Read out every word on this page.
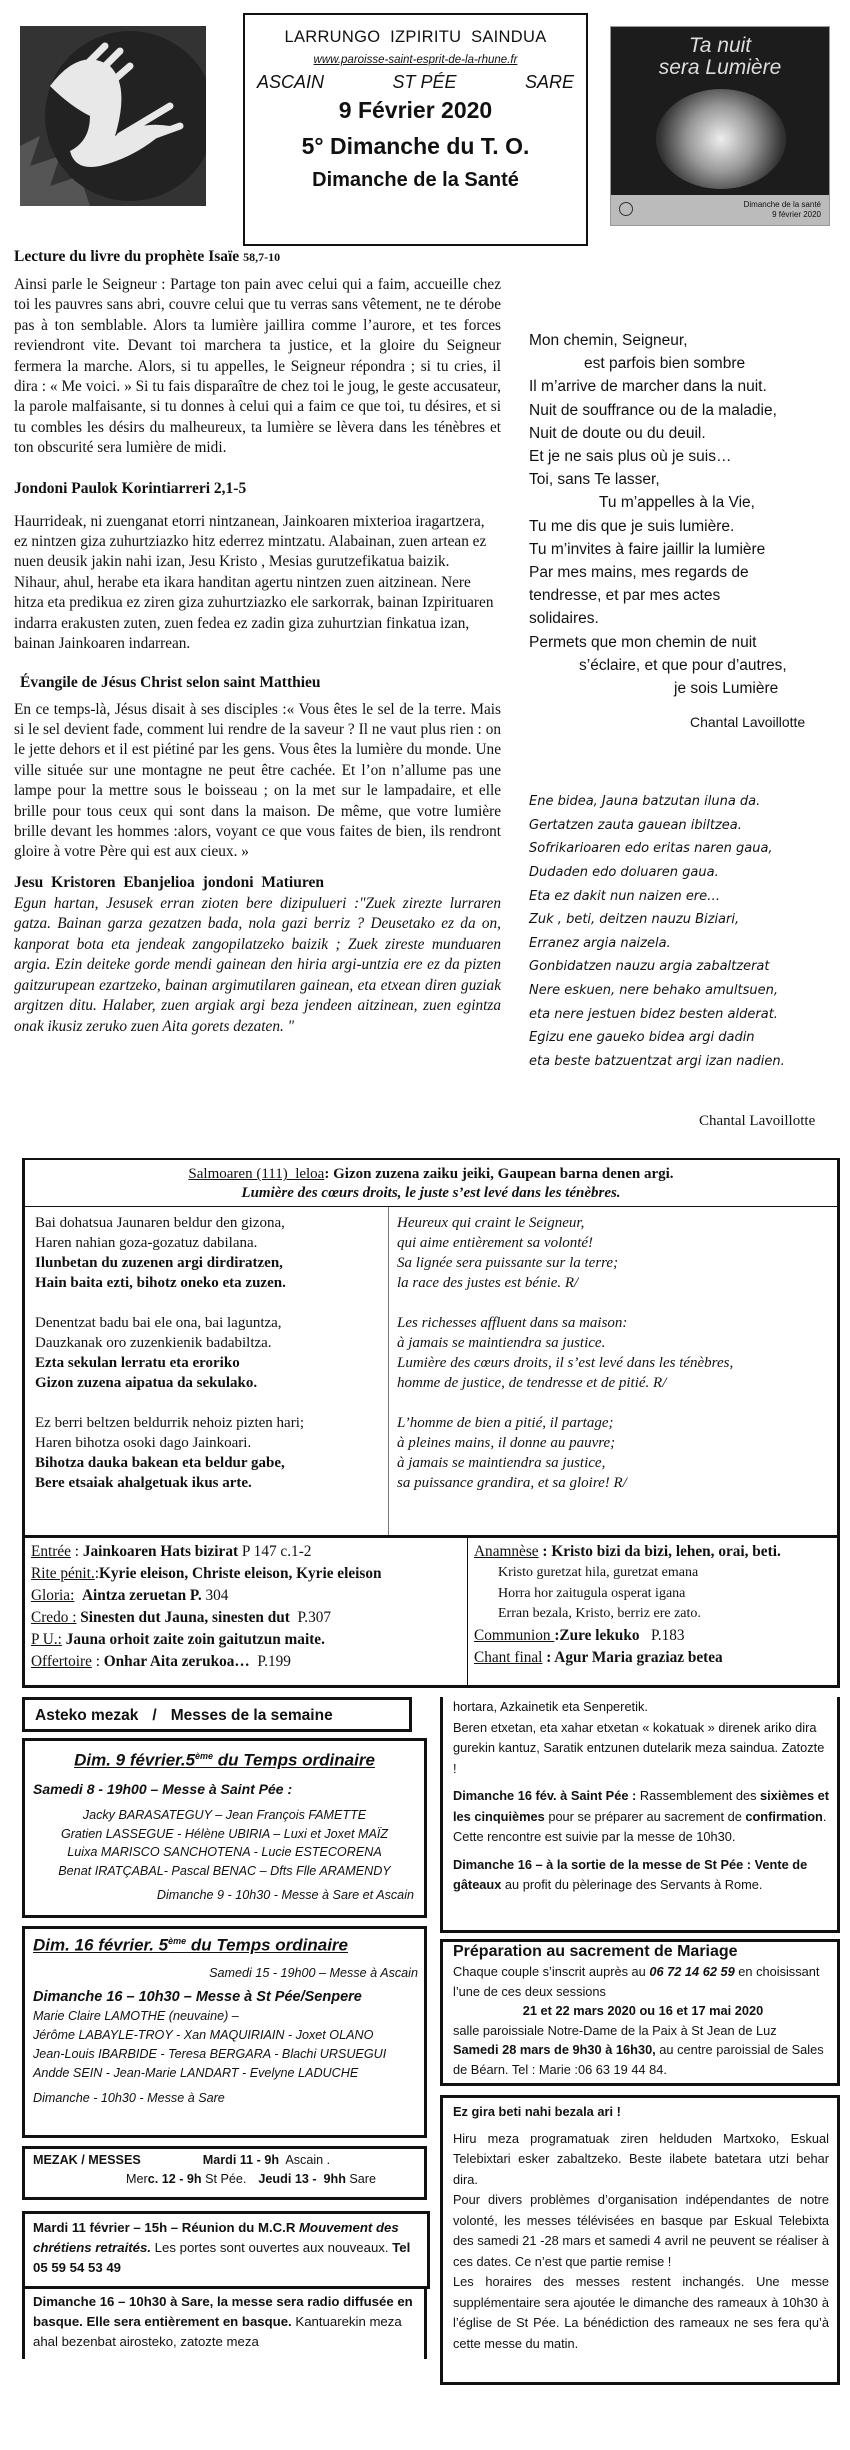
LARRUNGO  IZPIRITU  SAINDUA
www.paroisse-saint-esprit-de-la-rhune.fr
ASCAIN	ST PÉE	SARE
9 Février 2020
5° Dimanche du T. O.
Dimanche de la Santé
Ta nuit
sera Lumière
Dimanche de la santé
9 février 2020
Lecture du livre du prophète Isaïe 58,7-10

Ainsi parle le Seigneur : Partage ton pain avec celui qui a faim, accueille chez toi les pauvres sans abri, couvre celui que tu verras sans vêtement, ne te dérobe pas à ton semblable. Alors ta lumière jaillira comme l’aurore, et tes forces reviendront vite. Devant toi marchera ta justice, et la gloire du Seigneur fermera la marche. Alors, si tu appelles, le Seigneur répondra ; si tu cries, il dira : « Me voici. » Si tu fais disparaître de chez toi le joug, le geste accusateur, la parole malfaisante, si tu donnes à celui qui a faim ce que toi, tu désires, et si tu combles les désirs du malheureux, ta lumière se lèvera dans les ténèbres et ton obscurité sera lumière de midi.

Jondoni Paulok Korintiarreri 2,1-5

Haurrideak, ni zuenganat etorri nintzanean, Jainkoaren mixterioa iragartzera, ez nintzen giza zuhurtziazko hitz ederrez mintzatu. Alabainan, zuen artean ez nuen deusik jakin nahi izan, Jesu Kristo , Mesias gurutzefikatua baizik. Nihaur, ahul, herabe eta ikara handitan agertu nintzen zuen aitzinean. Nere hitza eta predikua ez ziren giza zuhurtziazko ele sarkorrak, bainan Izpirituaren indarra erakusten zuten, zuen fedea ez zadin giza zuhurtzian finkatua izan, bainan Jainkoaren indarrean.

Évangile de Jésus Christ selon saint Matthieu

En ce temps-là, Jésus disait à ses disciples :« Vous êtes le sel de la terre. Mais si le sel devient fade, comment lui rendre de la saveur ? Il ne vaut plus rien : on le jette dehors et il est piétiné par les gens. Vous êtes la lumière du monde. Une ville située sur une montagne ne peut être cachée. Et l’on n’allume pas une lampe pour la mettre sous le boisseau ; on la met sur le lampadaire, et elle brille pour tous ceux qui sont dans la maison. De même, que votre lumière brille devant les hommes :alors, voyant ce que vous faites de bien, ils rendront gloire à votre Père qui est aux cieux. »

Jesu Kristoren Ebanjelioa jondoni Matiuren

Egun hartan, Jesusek erran zioten bere dizipulueri :"Zuek zirezte lurraren gatza. Bainan garza gezatzen bada, nola gazi berriz ? Deusetako ez da on, kanporat bota eta jendeak zangopilatzeko baizik ; Zuek zireste munduaren argia. Ezin deiteke gorde mendi gainean den hiria argi-untzia ere ez da pizten gaitzurupean ezartzeko, bainan argimutilaren gainean, eta etxean diren guziak argitzen ditu. Halaber, zuen argiak argi beza jendeen aitzinean, zuen egintza onak ikusiz zeruko zuen Aita gorets dezaten. "

Mon chemin, Seigneur,
est parfois bien sombre
Il m’arrive de marcher dans la nuit.
Nuit de souffrance ou de la maladie,
Nuit de doute ou du deuil.
Et je ne sais plus où je suis…
Toi, sans Te lasser,
Tu m’appelles à la Vie,
Tu me dis que je suis lumière.
Tu m’invites à faire jaillir la lumière
Par mes mains, mes regards de
tendresse, et par mes actes
solidaires.
Permets que mon chemin de nuit
s’éclaire, et que pour d’autres,
je sois Lumière
Chantal Lavoillotte
Ene bidea, Jauna batzutan iluna da.
Gertatzen zauta gauean ibiltzea.
Sofrikarioaren edo eritas naren gaua,
Dudaden edo doluaren gaua.
Eta ez dakit nun naizen ere…
Zuk , beti, deitzen nauzu Biziari,
Erranez argia naizela.
Gonbidatzen nauzu argia zabaltzerat
Nere eskuen, nere behako amultsuen,
eta nere jestuen bidez besten alderat.
Egizu ene gaueko bidea argi dadin
eta beste batzuentzat argi izan nadien.
Chantal Lavoillotte
Salmoaren (111)  leloa: Gizon zuzena zaiku jeiki, Gaupean barna denen argi.
Lumière des cœurs droits, le juste s’est levé dans les ténèbres.
Bai dohatsua Jaunaren beldur den gizona,
Haren nahian goza-gozatuz dabilana.
Ilunbetan du zuzenen argi dirdiratzen,
Hain baita ezti, bihotz oneko eta zuzen.
Denentzat badu bai ele ona, bai laguntza,
Dauzkanak oro zuzenkienik badabiltza.
Ezta sekulan lerratu eta eroriko
Gizon zuzena aipatua da sekulako.
Ez berri beltzen beldurrik nehoiz pizten hari;
Haren bihotza osoki dago Jainkoari.
Bihotza dauka bakean eta beldur gabe,
Bere etsaiak ahalgetuak ikus arte.
Heureux qui craint le Seigneur,
qui aime entièrement sa volonté!
Sa lignée sera puissante sur la terre;
la race des justes est bénie. R/
Les richesses affluent dans sa maison:
à jamais se maintiendra sa justice.
Lumière des cœurs droits, il s’est levé dans les ténèbres,
homme de justice, de tendresse et de pitié. R/
L’homme de bien a pitié, il partage;
à pleines mains, il donne au pauvre;
à jamais se maintiendra sa justice,
sa puissance grandira, et sa gloire! R/
Entrée : Jainkoaren Hats bizirat P 147 c.1-2
Rite pénit.:Kyrie eleison, Christe eleison, Kyrie eleison
Gloria: Aintza zeruetan P. 304
Credo : Sinesten dut Jauna, sinesten dut  P.307
P U.: Jauna orhoit zaite zoin gaitutzun maite.
Offertoire : Onhar Aita zerukoa…  P.199
Anamnèse : Kristo bizi da bizi, lehen, orai, beti.
Kristo guretzat hila, guretzat emana
Horra hor zaitugula osperat igana
Erran bezala, Kristo, berriz ere zato.
Communion :Zure lekuko   P.183
Chant final : Agur Maria graziaz betea
Asteko mezak / Messes de la semaine
Dim. 9 février.5ème du Temps ordinaire
Samedi 8 - 19h00 – Messe à Saint Pée :
Jacky BARASATEGUY – Jean François FAMETTE
Gratien LASSEGUE - Hélène UBIRIA – Luxi et Joxet MAÏZ
Luixa MARISCO SANCHOTENA - Lucie ESTECORENA
Benat IRATÇABAL- Pascal BENAC – Dfts Flle ARAMENDY
Dimanche 9 - 10h30 - Messe à Sare et Ascain
Dim. 16 février. 5ème du Temps ordinaire
Samedi 15 - 19h00 – Messe à Ascain
Dimanche 16 – 10h30 – Messe à St Pée/Senpere
Marie Claire LAMOTHE (neuvaine) –
Jérôme LABAYLE-TROY - Xan MAQUIRIAIN - Joxet OLANO
Jean-Louis IBARBIDE - Teresa BERGARA - Blachi URSUEGUI
Andde SEIN - Jean-Marie LANDART - Evelyne LADUCHE
Dimanche - 10h30 - Messe à Sare
MEZAK / MESSES	Mardi 11 - 9h  Ascain .
Merc. 12 - 9h St Pée. Jeudi 13 -  9hh Sare
Mardi 11 février – 15h – Réunion du M.C.R Mouvement des chrétiens retraités. Les portes sont ouvertes aux nouveaux. Tel 05 59 54 53 49
Dimanche 16 – 10h30 à Sare, la messe sera radio diffusée en basque. Elle sera entièrement en basque. Kantuarekin meza ahal bezenbat airosteko, zatozte meza
hortara, Azkainetik eta Senperetik.
Beren etxetan, eta xahar etxetan « kokatuak » direnek ariko dira gurekin kantuz, Saratik entzunen dutelarik meza saindua. Zatozte !
Dimanche 16 fév. à Saint Pée : Rassemblement des sixièmes et les cinquièmes pour se préparer au sacrement de confirmation. Cette rencontre est suivie par la messe de 10h30.
Dimanche 16 – à la sortie de la messe de St Pée : Vente de gâteaux au profit du pèlerinage des Servants à Rome.
Préparation au sacrement de Mariage
Chaque couple s’inscrit auprès au 06 72 14 62 59 en choisissant l’une de ces deux sessions
21 et 22 mars 2020 ou 16 et 17 mai 2020
salle paroissiale Notre-Dame de la Paix à St Jean de Luz
Samedi 28 mars de 9h30 à 16h30, au centre paroissial de Sales de Béarn. Tel : Marie :06 63 19 44 84.
Ez gira beti nahi bezala ari !

Hiru meza programatuak ziren helduden Martxoko, Eskual Telebixtari esker zabaltzeko. Beste ilabete batetara utzi behar dira.

Pour divers problèmes d’organisation indépendantes de notre volonté, les messes télévisées en basque par Eskual Telebixta des samedi 21 -28 mars et samedi 4 avril ne peuvent se réaliser à ces dates. Ce n’est que partie remise !

Les horaires des messes restent inchangés. Une messe supplémentaire sera ajoutée le dimanche des rameaux à 10h30 à l’église de St Pée. La bénédiction des rameaux ne ses fera qu’à cette messe du matin.
